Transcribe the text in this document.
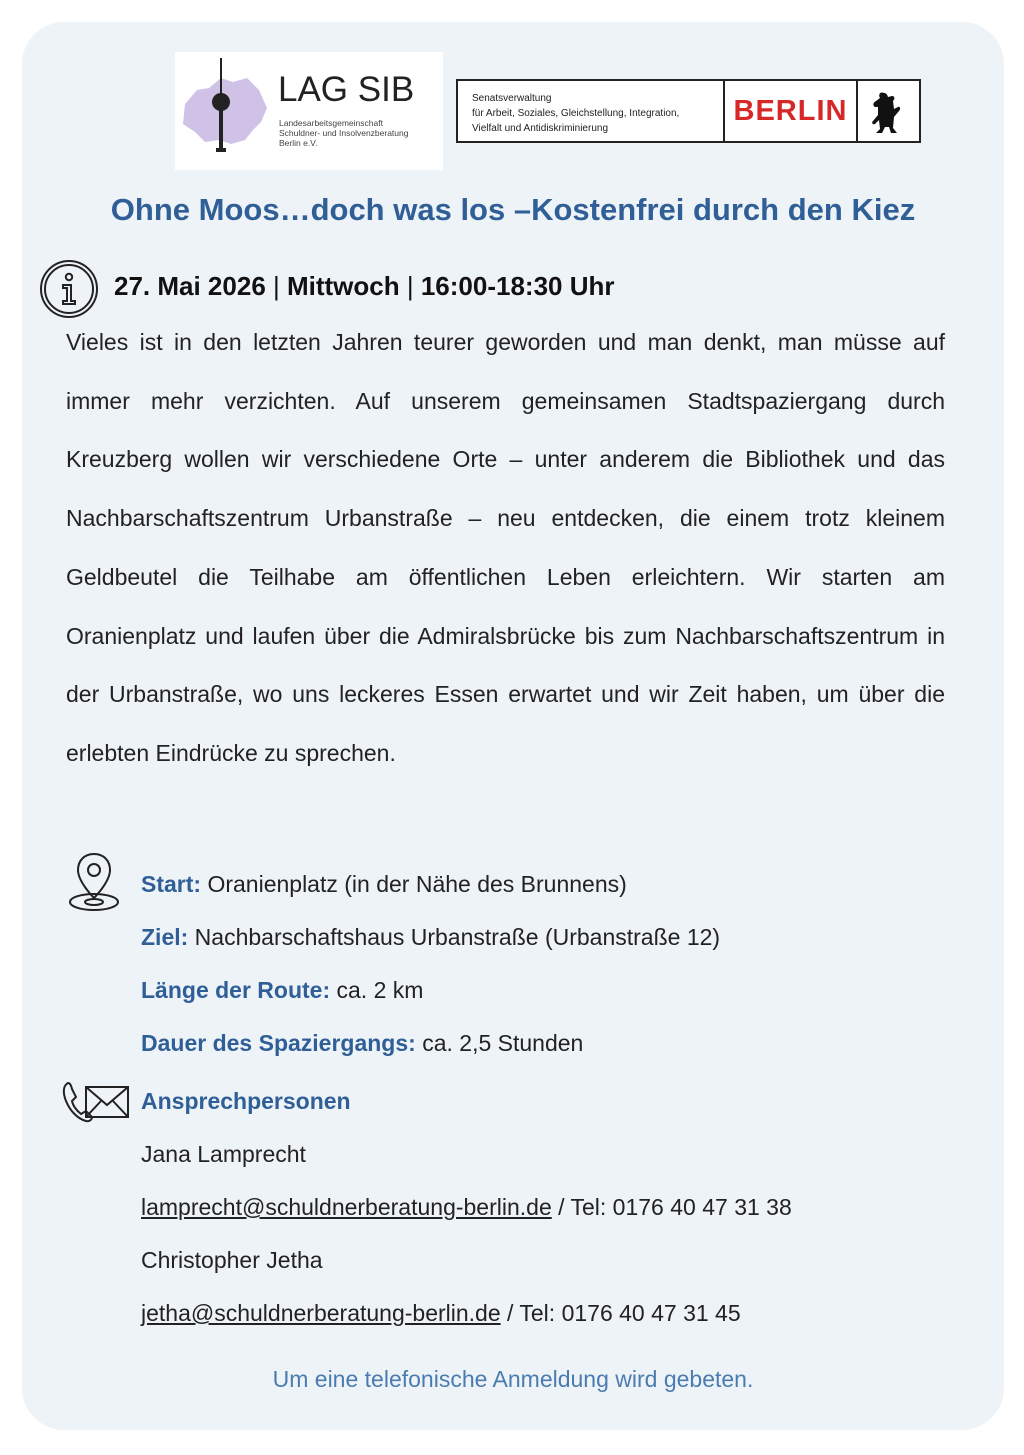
LAG SIB
Landesarbeitsgemeinschaft
Schuldner- und Insolvenzberatung
Berlin e.V.
Senatsverwaltung
für Arbeit, Soziales, Gleichstellung, Integration,
Vielfalt und Antidiskriminierung
BERLIN
Ohne Moos…doch was los –Kostenfrei durch den Kiez
27. Mai 2026 | Mittwoch | 16:00-18:30 Uhr

Vieles ist in den letzten Jahren teurer geworden und man denkt, man müsse auf immer mehr verzichten. Auf unserem gemeinsamen Stadtspaziergang durch Kreuzberg wollen wir verschiedene Orte – unter anderem die Bibliothek und das Nachbarschaftszentrum Urbanstraße – neu entdecken, die einem trotz kleinem Geldbeutel die Teilhabe am öffentlichen Leben erleichtern. Wir starten am Oranienplatz und laufen über die Admiralsbrücke bis zum Nachbarschaftszentrum in der Urbanstraße, wo uns leckeres Essen erwartet und wir Zeit haben, um über die erlebten Eindrücke zu sprechen.

Start: Oranienplatz (in der Nähe des Brunnens)
Ziel: Nachbarschaftshaus Urbanstraße (Urbanstraße 12)
Länge der Route: ca. 2 km
Dauer des Spaziergangs: ca. 2,5 Stunden
Ansprechpersonen
Jana Lamprecht
lamprecht@schuldnerberatung-berlin.de / Tel: 0176 40 47 31 38
Christopher Jetha
jetha@schuldnerberatung-berlin.de / Tel: 0176 40 47 31 45
Um eine telefonische Anmeldung wird gebeten.
